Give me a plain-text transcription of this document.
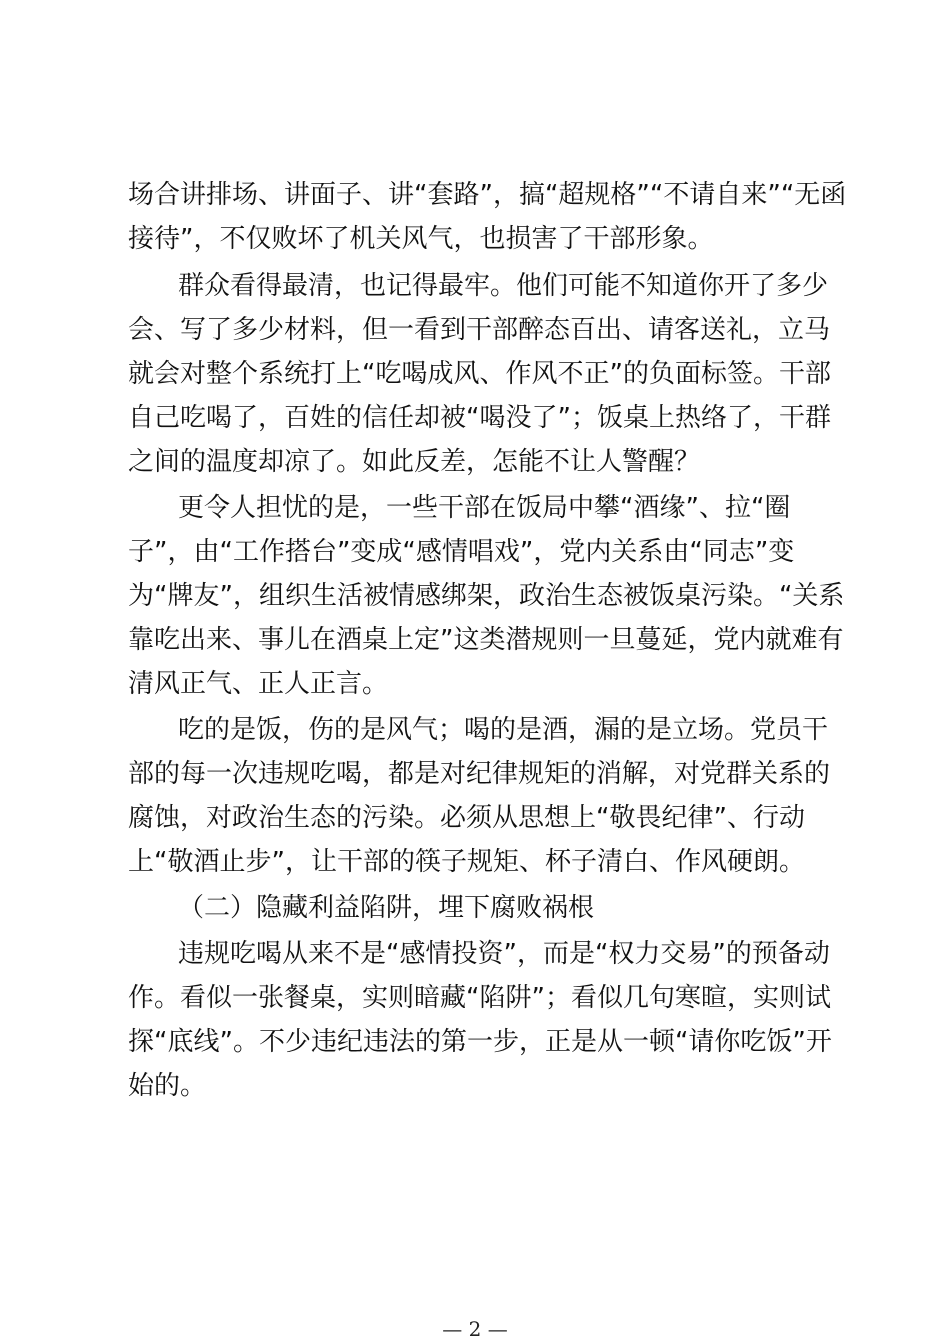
场合讲排场、讲面子、讲“套路”，搞“超规格”“不请自来”“无函
接待”，不仅败坏了机关风气，也损害了干部形象。
群众看得最清，也记得最牢。他们可能不知道你开了多少
会、写了多少材料，但一看到干部醉态百出、请客送礼，立马
就会对整个系统打上“吃喝成风、作风不正”的负面标签。干部
自己吃喝了，百姓的信任却被“喝没了”；饭桌上热络了，干群
之间的温度却凉了。如此反差，怎能不让人警醒？
更令人担忧的是，一些干部在饭局中攀“酒缘”、拉“圈
子”，由“工作搭台”变成“感情唱戏”，党内关系由“同志”变
为“牌友”，组织生活被情感绑架，政治生态被饭桌污染。“关系
靠吃出来、事儿在酒桌上定”这类潜规则一旦蔓延，党内就难有
清风正气、正人正言。
吃的是饭，伤的是风气；喝的是酒，漏的是立场。党员干
部的每一次违规吃喝，都是对纪律规矩的消解，对党群关系的
腐蚀，对政治生态的污染。必须从思想上“敬畏纪律”、行动
上“敬酒止步”，让干部的筷子规矩、杯子清白、作风硬朗。
（二）隐藏利益陷阱，埋下腐败祸根
违规吃喝从来不是“感情投资”，而是“权力交易”的预备动
作。看似一张餐桌，实则暗藏“陷阱”；看似几句寒暄，实则试
探“底线”。不少违纪违法的第一步，正是从一顿“请你吃饭”开
始的。
— 2 —
